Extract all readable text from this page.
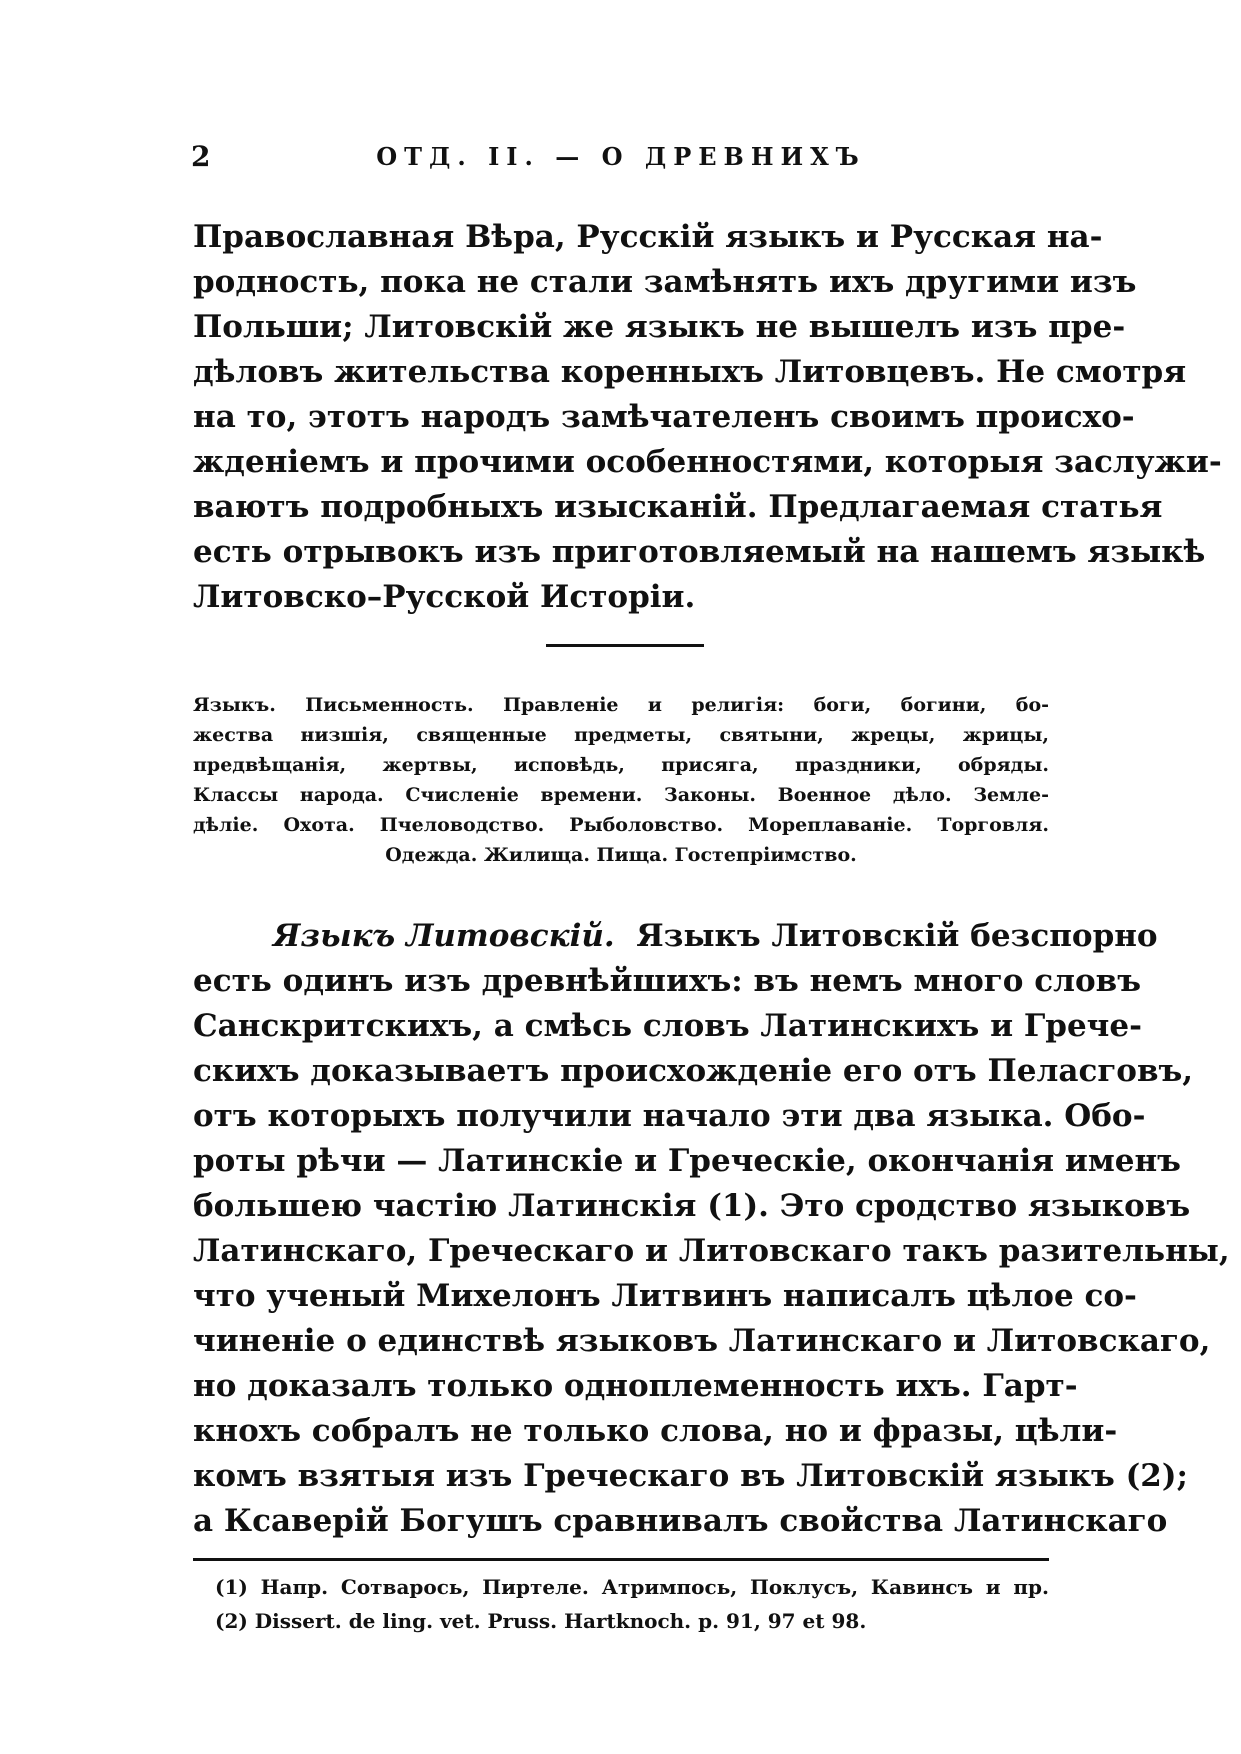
2	ОТД. II. — О ДРЕВНИХЪ
Православная Вѣра, Русскій языкъ и Русская на-
родность, пока не стали замѣнять ихъ другими изъ
Польши; Литовскій же языкъ не вышелъ изъ пре-
дѣловъ жительства коренныхъ Литовцевъ. Не смотря
на то, этотъ народъ замѣчателенъ своимъ происхо-
жденіемъ и прочими особенностями, которыя заслужи-
ваютъ подробныхъ изысканій. Предлагаемая статья
есть отрывокъ изъ приготовляемый на нашемъ языкѣ
Литовско–Русской Исторіи.
Языкъ. Письменность. Правленіе и религія: боги, богини, бо-
жества низшія, священные предметы, святыни, жрецы, жрицы,
предвѣщанія, жертвы, исповѣдь, присяга, праздники, обряды.
Классы народа. Счисленіе времени. Законы. Военное дѣло. Земле-
дѣліе. Охота. Пчеловодство. Рыболовство. Мореплаваніе. Торговля.
Одежда. Жилища. Пища. Гостепріимство.
Языкъ Литовскій. Языкъ Литовскій безспорно
есть одинъ изъ древнѣйшихъ: въ немъ много словъ
Санскритскихъ, а смѣсь словъ Латинскихъ и Грече-
скихъ доказываетъ происхожденіе его отъ Пеласговъ,
отъ которыхъ получили начало эти два языка. Обо-
роты рѣчи — Латинскіе и Греческіе, окончанія именъ
большею частію Латинскія (1). Это сродство языковъ
Латинскаго, Греческаго и Литовскаго такъ разительны,
что ученый Михелонъ Литвинъ написалъ цѣлое со-
чиненіе о единствѣ языковъ Латинскаго и Литовскаго,
но доказалъ только одноплеменность ихъ. Гарт-
кнохъ собралъ не только слова, но и фразы, цѣли-
комъ взятыя изъ Греческаго въ Литовскій языкъ (2);
а Ксаверій Богушъ сравнивалъ свойства Латинскаго
(1) Напр. Сотварось, Пиртеле. Атримпось, Поклусъ, Кавинсъ и пр.
(2) Dissert. de ling. vet. Pruss. Hartknoch. p. 91, 97 et 98.
